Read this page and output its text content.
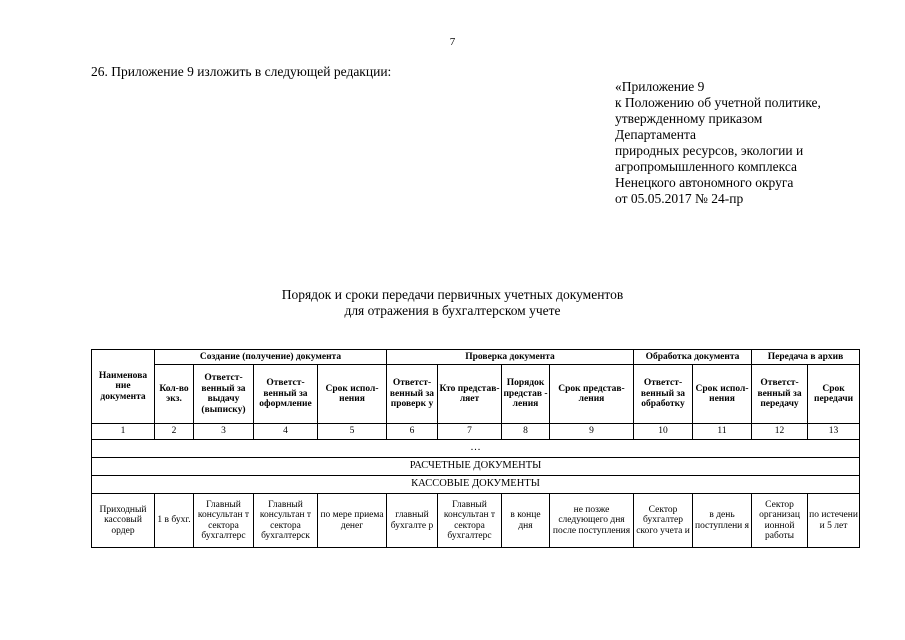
7
26. Приложение 9 изложить в следующей редакции:
«Приложение 9
к Положению об учетной политике,
утвержденному приказом
Департамента
природных ресурсов, экологии и
агропромышленного комплекса
Ненецкого автономного округа
от 05.05.2017 № 24-пр
Порядок и сроки передачи первичных учетных документов
для отражения в бухгалтерском учете
Наименова ние документа	Создание (получение) документа				Проверка документа				Обработка документа		Передача в архив	
	Кол-во экз.	Ответст-венный за выдачу (выписку)	Ответст-венный за оформление	Срок испол-нения	Ответст-венный за проверк у	Кто представ-ляет	Порядок представ - ления	Срок представ-ления	Ответст-венный за обработку	Срок испол-нения	Ответст-венный за передачу	Срок передачи
1	2	3	4	5	6	7	8	9	10	11	12	13
…												
РАСЧЕТНЫЕ ДОКУМЕНТЫ												
КАССОВЫЕ ДОКУМЕНТЫ												
Приходный кассовый ордер	1 в бухг.	Главный консультан т сектора бухгалтерс	Главный консультан т сектора бухгалтерск	по мере приема денег	главный бухгалте р	Главный консультан т сектора бухгалтерс	в конце дня	не позже следующего дня после поступления	Сектор бухгалтер ского учета и	в день поступлени я	Сектор организац ионной работы	по истечени и 5 лет
